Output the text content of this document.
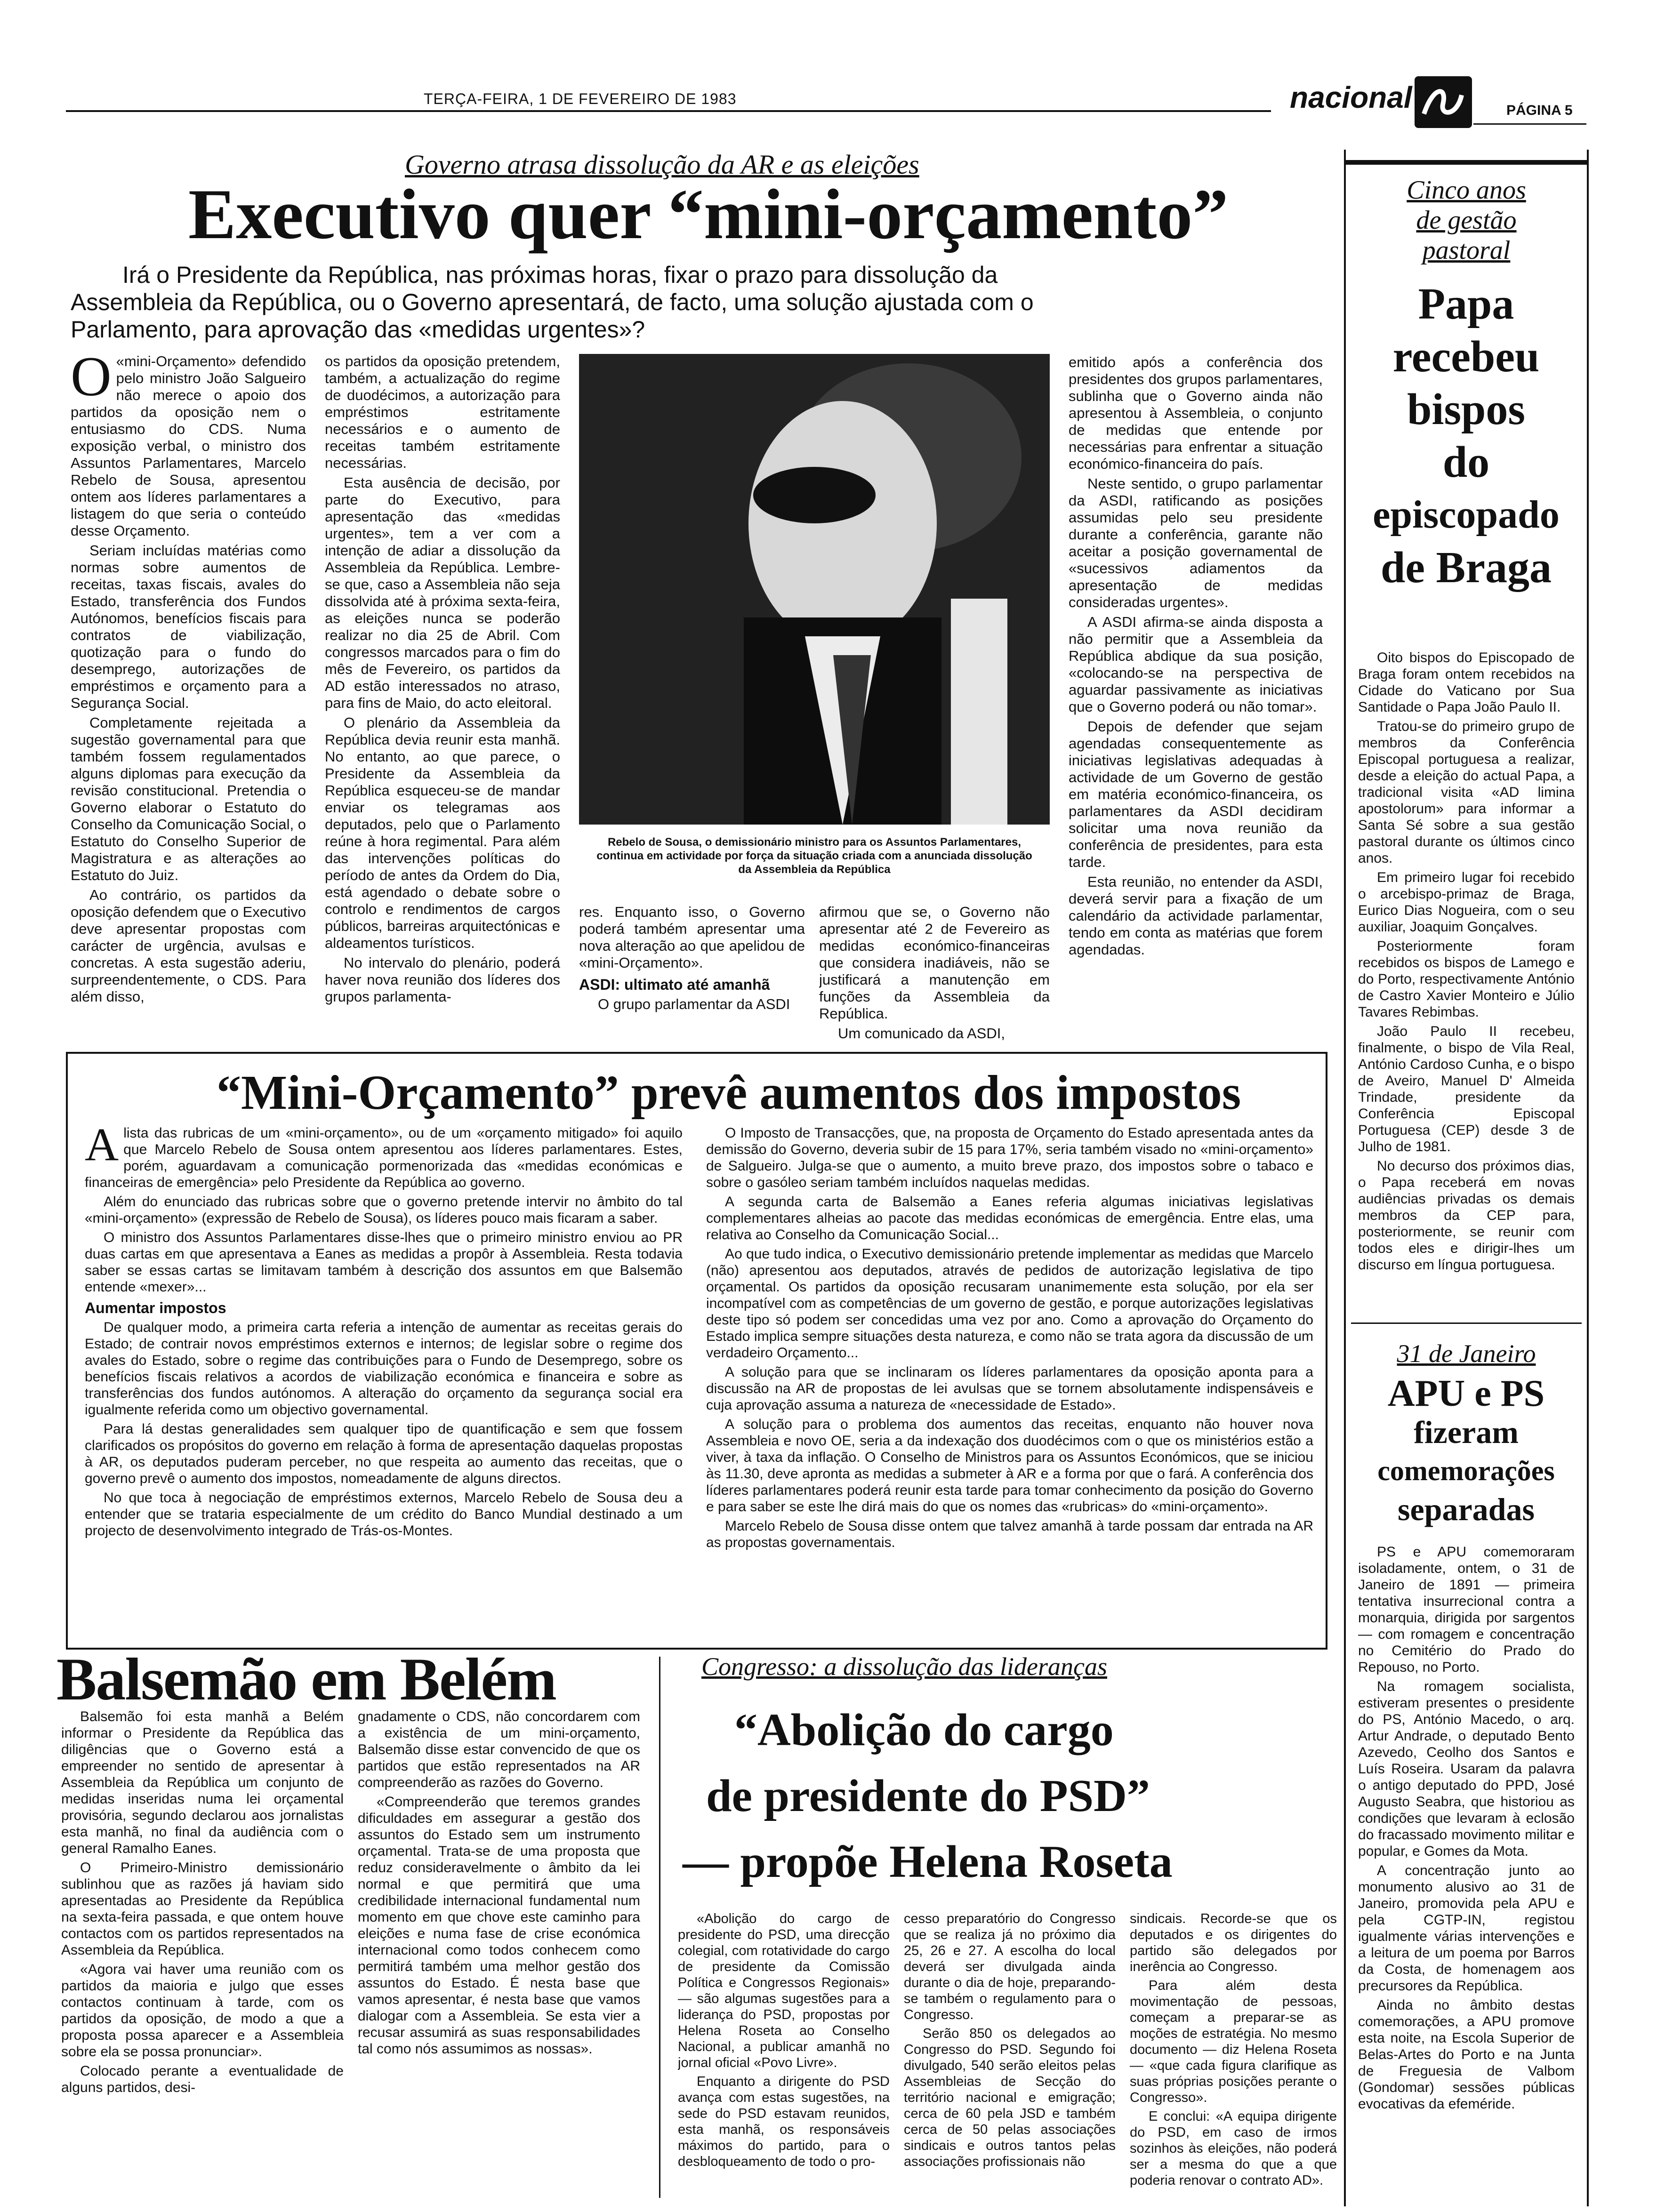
TERÇA-FEIRA, 1 DE FEVEREIRO DE 1983	nacional	PÁGINA 5
Governo atrasa dissolução da AR e as eleições
Executivo quer “mini-orçamento”
Irá o Presidente da República, nas próximas horas, fixar o prazo para dissolução da Assembleia da República, ou o Governo apresentará, de facto, uma solução ajustada com o Parlamento, para aprovação das «medidas urgentes»?
O «mini-Orçamento» defendido pelo ministro João Salgueiro não merece o apoio dos partidos da oposição nem o entusiasmo do CDS. Numa exposição verbal, o ministro dos Assuntos Parlamentares, Marcelo Rebelo de Sousa, apresentou ontem aos líderes parlamentares a listagem do que seria o conteúdo desse Orçamento.

Seriam incluídas matérias como normas sobre aumentos de receitas, taxas fiscais, avales do Estado, transferência dos Fundos Autónomos, benefícios fiscais para contratos de viabilização, quotização para o fundo do desemprego, autorizações de empréstimos e orçamento para a Segurança Social.

Completamente rejeitada a sugestão governamental para que também fossem regulamentados alguns diplomas para execução da revisão constitucional. Pretendia o Governo elaborar o Estatuto do Conselho da Comunicação Social, o Estatuto do Conselho Superior de Magistratura e as alterações ao Estatuto do Juiz.

Ao contrário, os partidos da oposição defendem que o Executivo deve apresentar propostas com carácter de urgência, avulsas e concretas. A esta sugestão aderiu, surpreendentemente, o CDS. Para além disso,

os partidos da oposição pretendem, também, a actualização do regime de duodécimos, a autorização para empréstimos estritamente necessários e o aumento de receitas também estritamente necessárias.

Esta ausência de decisão, por parte do Executivo, para apresentação das «medidas urgentes», tem a ver com a intenção de adiar a dissolução da Assembleia da República. Lembre-se que, caso a Assembleia não seja dissolvida até à próxima sexta-feira, as eleições nunca se poderão realizar no dia 25 de Abril. Com congressos marcados para o fim do mês de Fevereiro, os partidos da AD estão interessados no atraso, para fins de Maio, do acto eleitoral.

O plenário da Assembleia da República devia reunir esta manhã. No entanto, ao que parece, o Presidente da Assembleia da República esqueceu-se de mandar enviar os telegramas aos deputados, pelo que o Parlamento reúne à hora regimental. Para além das intervenções políticas do período de antes da Ordem do Dia, está agendado o debate sobre o controlo e rendimentos de cargos públicos, barreiras arquitectónicas e aldeamentos turísticos.

No intervalo do plenário, poderá haver nova reunião dos líderes dos grupos parlamenta-

Rebelo de Sousa, o demissionário ministro para os Assuntos Parlamentares, continua em actividade por força da situação criada com a anunciada dissolução da Assembleia da República

res. Enquanto isso, o Governo poderá também apresentar uma nova alteração ao que apelidou de «mini-Orçamento».

ASDI: ultimato até amanhã

O grupo parlamentar da ASDI

afirmou que se, o Governo não apresentar até 2 de Fevereiro as medidas económico-financeiras que considera inadiáveis, não se justificará a manutenção em funções da Assembleia da República.

Um comunicado da ASDI,

emitido após a conferência dos presidentes dos grupos parlamentares, sublinha que o Governo ainda não apresentou à Assembleia, o conjunto de medidas que entende por necessárias para enfrentar a situação económico-financeira do país.

Neste sentido, o grupo parlamentar da ASDI, ratificando as posições assumidas pelo seu presidente durante a conferência, garante não aceitar a posição governamental de «sucessivos adiamentos da apresentação de medidas consideradas urgentes».

A ASDI afirma-se ainda disposta a não permitir que a Assembleia da República abdique da sua posição, «colocando-se na perspectiva de aguardar passivamente as iniciativas que o Governo poderá ou não tomar».

Depois de defender que sejam agendadas consequentemente as iniciativas legislativas adequadas à actividade de um Governo de gestão em matéria económico-financeira, os parlamentares da ASDI decidiram solicitar uma nova reunião da conferência de presidentes, para esta tarde.

Esta reunião, no entender da ASDI, deverá servir para a fixação de um calendário da actividade parlamentar, tendo em conta as matérias que forem agendadas.

“Mini-Orçamento” prevê aumentos dos impostos
A lista das rubricas de um «mini-orçamento», ou de um «orçamento mitigado» foi aquilo que Marcelo Rebelo de Sousa ontem apresentou aos líderes parlamentares. Estes, porém, aguardavam a comunicação pormenorizada das «medidas económicas e financeiras de emergência» pelo Presidente da República ao governo.

Além do enunciado das rubricas sobre que o governo pretende intervir no âmbito do tal «mini-orçamento» (expressão de Rebelo de Sousa), os líderes pouco mais ficaram a saber.

O ministro dos Assuntos Parlamentares disse-lhes que o primeiro ministro enviou ao PR duas cartas em que apresentava a Eanes as medidas a propôr à Assembleia. Resta todavia saber se essas cartas se limitavam também à descrição dos assuntos em que Balsemão entende «mexer»...

Aumentar impostos

De qualquer modo, a primeira carta referia a intenção de aumentar as receitas gerais do Estado; de contrair novos empréstimos externos e internos; de legislar sobre o regime dos avales do Estado, sobre o regime das contribuições para o Fundo de Desemprego, sobre os benefícios fiscais relativos a acordos de viabilização económica e financeira e sobre as transferências dos fundos autónomos. A alteração do orçamento da segurança social era igualmente referida como um objectivo governamental.

Para lá destas generalidades sem qualquer tipo de quantificação e sem que fossem clarificados os propósitos do governo em relação à forma de apresentação daquelas propostas à AR, os deputados puderam perceber, no que respeita ao aumento das receitas, que o governo prevê o aumento dos impostos, nomeadamente de alguns directos.

No que toca à negociação de empréstimos externos, Marcelo Rebelo de Sousa deu a entender que se trataria especialmente de um crédito do Banco Mundial destinado a um projecto de desenvolvimento integrado de Trás-os-Montes.

O Imposto de Transacções, que, na proposta de Orçamento do Estado apresentada antes da demissão do Governo, deveria subir de 15 para 17%, seria também visado no «mini-orçamento» de Salgueiro. Julga-se que o aumento, a muito breve prazo, dos impostos sobre o tabaco e sobre o gasóleo seriam também incluídos naquelas medidas.

A segunda carta de Balsemão a Eanes referia algumas iniciativas legislativas complementares alheias ao pacote das medidas económicas de emergência. Entre elas, uma relativa ao Conselho da Comunicação Social...

Ao que tudo indica, o Executivo demissionário pretende implementar as medidas que Marcelo (não) apresentou aos deputados, através de pedidos de autorização legislativa de tipo orçamental. Os partidos da oposição recusaram unanimemente esta solução, por ela ser incompatível com as competências de um governo de gestão, e porque autorizações legislativas deste tipo só podem ser concedidas uma vez por ano. Como a aprovação do Orçamento do Estado implica sempre situações desta natureza, e como não se trata agora da discussão de um verdadeiro Orçamento...

A solução para que se inclinaram os líderes parlamentares da oposição aponta para a discussão na AR de propostas de lei avulsas que se tornem absolutamente indispensáveis e cuja aprovação assuma a natureza de «necessidade de Estado».

A solução para o problema dos aumentos das receitas, enquanto não houver nova Assembleia e novo OE, seria a da indexação dos duodécimos com o que os ministérios estão a viver, à taxa da inflação. O Conselho de Ministros para os Assuntos Económicos, que se iniciou às 11.30, deve apronta as medidas a submeter à AR e a forma por que o fará. A conferência dos líderes parlamentares poderá reunir esta tarde para tomar conhecimento da posição do Governo e para saber se este lhe dirá mais do que os nomes das «rubricas» do «mini-orçamento».

Marcelo Rebelo de Sousa disse ontem que talvez amanhã à tarde possam dar entrada na AR as propostas governamentais.

Balsemão em Belém

Balsemão foi esta manhã a Belém informar o Presidente da República das diligências que o Governo está a empreender no sentido de apresentar à Assembleia da República um conjunto de medidas inseridas numa lei orçamental provisória, segundo declarou aos jornalistas esta manhã, no final da audiência com o general Ramalho Eanes.

O Primeiro-Ministro demissionário sublinhou que as razões já haviam sido apresentadas ao Presidente da República na sexta-feira passada, e que ontem houve contactos com os partidos representados na Assembleia da República.

«Agora vai haver uma reunião com os partidos da maioria e julgo que esses contactos continuam à tarde, com os partidos da oposição, de modo a que a proposta possa aparecer e a Assembleia sobre ela se possa pronunciar».

Colocado perante a eventualidade de alguns partidos, desi-

gnadamente o CDS, não concordarem com a existência de um mini-orçamento, Balsemão disse estar convencido de que os partidos que estão representados na AR compreenderão as razões do Governo.

«Compreenderão que teremos grandes dificuldades em assegurar a gestão dos assuntos do Estado sem um instrumento orçamental. Trata-se de uma proposta que reduz consideravelmente o âmbito da lei normal e que permitirá que uma credibilidade internacional fundamental num momento em que chove este caminho para eleições e numa fase de crise económica internacional como todos conhecem como permitirá também uma melhor gestão dos assuntos do Estado. É nesta base que vamos apresentar, é nesta base que vamos dialogar com a Assembleia. Se esta vier a recusar assumirá as suas responsabilidades tal como nós assumimos as nossas».

Congresso: a dissolução das lideranças
“Abolição do cargo
de presidente do PSD”
— propõe Helena Roseta

«Abolição do cargo de presidente do PSD, uma direcção colegial, com rotatividade do cargo de presidente da Comissão Política e Congressos Regionais» — são algumas sugestões para a liderança do PSD, propostas por Helena Roseta ao Conselho Nacional, a publicar amanhã no jornal oficial «Povo Livre».

Enquanto a dirigente do PSD avança com estas sugestões, na sede do PSD estavam reunidos, esta manhã, os responsáveis máximos do partido, para o desbloqueamento de todo o pro-

cesso preparatório do Congresso que se realiza já no próximo dia 25, 26 e 27. A escolha do local deverá ser divulgada ainda durante o dia de hoje, preparando-se também o regulamento para o Congresso.

Serão 850 os delegados ao Congresso do PSD. Segundo foi divulgado, 540 serão eleitos pelas Assembleias de Secção do território nacional e emigração; cerca de 60 pela JSD e também cerca de 50 pelas associações sindicais e outros tantos pelas associações profissionais não

sindicais. Recorde-se que os deputados e os dirigentes do partido são delegados por inerência ao Congresso.

Para além desta movimentação de pessoas, começam a preparar-se as moções de estratégia. No mesmo documento — diz Helena Roseta — «que cada figura clarifique as suas próprias posições perante o Congresso».

E conclui: «A equipa dirigente do PSD, em caso de irmos sozinhos às eleições, não poderá ser a mesma do que a que poderia renovar o contrato AD».

Cinco anos
de gestão
pastoral
Papa
recebeu
bispos
do
episcopado
de Braga

Oito bispos do Episcopado de Braga foram ontem recebidos na Cidade do Vaticano por Sua Santidade o Papa João Paulo II.

Tratou-se do primeiro grupo de membros da Conferência Episcopal portuguesa a realizar, desde a eleição do actual Papa, a tradicional visita «AD limina apostolorum» para informar a Santa Sé sobre a sua gestão pastoral durante os últimos cinco anos.

Em primeiro lugar foi recebido o arcebispo-primaz de Braga, Eurico Dias Nogueira, com o seu auxiliar, Joaquim Gonçalves.

Posteriormente foram recebidos os bispos de Lamego e do Porto, respectivamente António de Castro Xavier Monteiro e Júlio Tavares Rebimbas.

João Paulo II recebeu, finalmente, o bispo de Vila Real, António Cardoso Cunha, e o bispo de Aveiro, Manuel D' Almeida Trindade, presidente da Conferência Episcopal Portuguesa (CEP) desde 3 de Julho de 1981.

No decurso dos próximos dias, o Papa receberá em novas audiências privadas os demais membros da CEP para, posteriormente, se reunir com todos eles e dirigir-lhes um discurso em língua portuguesa.

31 de Janeiro
APU e PS
fizeram
comemorações
separadas

PS e APU comemoraram isoladamente, ontem, o 31 de Janeiro de 1891 — primeira tentativa insurrecional contra a monarquia, dirigida por sargentos — com romagem e concentração no Cemitério do Prado do Repouso, no Porto.

Na romagem socialista, estiveram presentes o presidente do PS, António Macedo, o arq. Artur Andrade, o deputado Bento Azevedo, Ceolho dos Santos e Luís Roseira. Usaram da palavra o antigo deputado do PPD, José Augusto Seabra, que historiou as condições que levaram à eclosão do fracassado movimento militar e popular, e Gomes da Mota.

A concentração junto ao monumento alusivo ao 31 de Janeiro, promovida pela APU e pela CGTP-IN, registou igualmente várias intervenções e a leitura de um poema por Barros da Costa, de homenagem aos precursores da República.

Ainda no âmbito destas comemorações, a APU promove esta noite, na Escola Superior de Belas-Artes do Porto e na Junta de Freguesia de Valbom (Gondomar) sessões públicas evocativas da efeméride.
